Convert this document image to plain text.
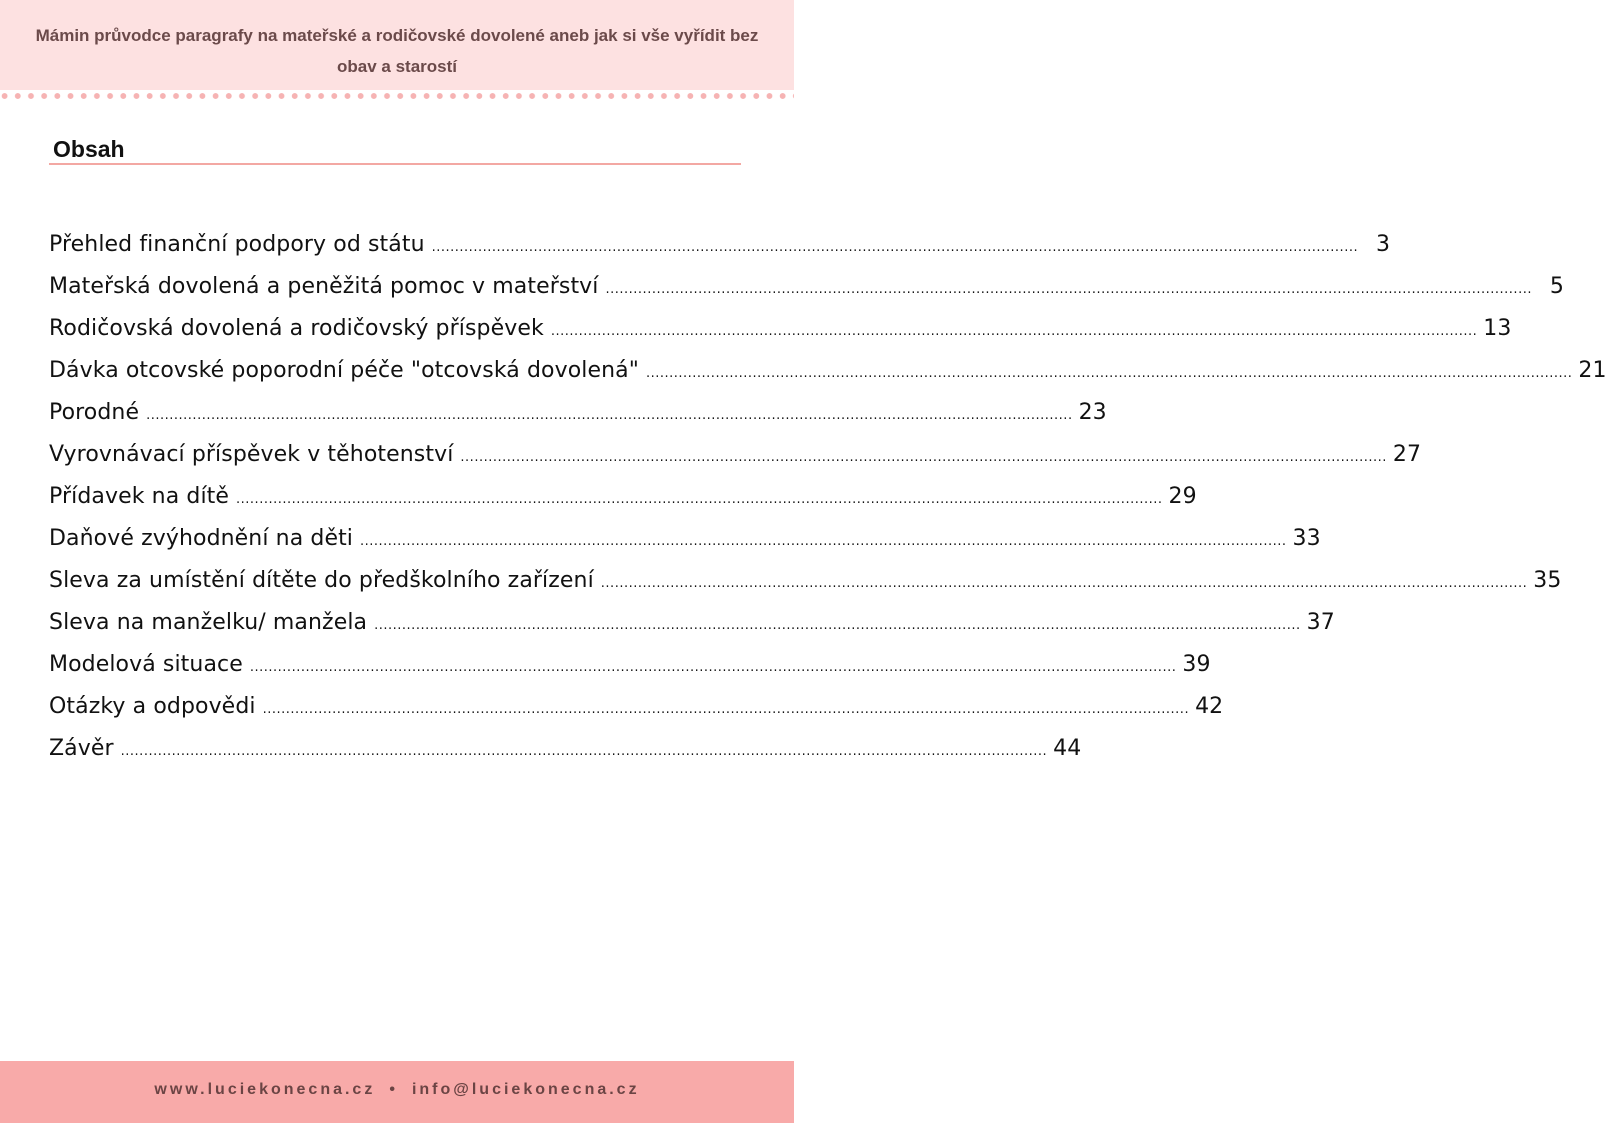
Mámin průvodce paragrafy na mateřské a rodičovské dovolené aneb jak si vše vyřídit bez obav a starostí
Obsah
Přehled finanční podpory od státu ........................................................................................................................................................................................................ 3
Mateřská dovolená a peněžitá pomoc v mateřství ........................................................................................................................................................................................................ 5
Rodičovská dovolená a rodičovský příspěvek ........................................................................................................................................................................................................ 13
Dávka otcovské poporodní péče "otcovská dovolená" ........................................................................................................................................................................................................ 21
Porodné ........................................................................................................................................................................................................ 23
Vyrovnávací příspěvek v těhotenství ........................................................................................................................................................................................................ 27
Přídavek na dítě ........................................................................................................................................................................................................ 29
Daňové zvýhodnění na děti ........................................................................................................................................................................................................ 33
Sleva za umístění dítěte do předškolního zařízení ........................................................................................................................................................................................................ 35
Sleva na manželku/ manžela ........................................................................................................................................................................................................ 37
Modelová situace ........................................................................................................................................................................................................ 39
Otázky a odpovědi ........................................................................................................................................................................................................ 42
Závěr ........................................................................................................................................................................................................ 44
www.luciekonecna.cz • info@luciekonecna.cz
